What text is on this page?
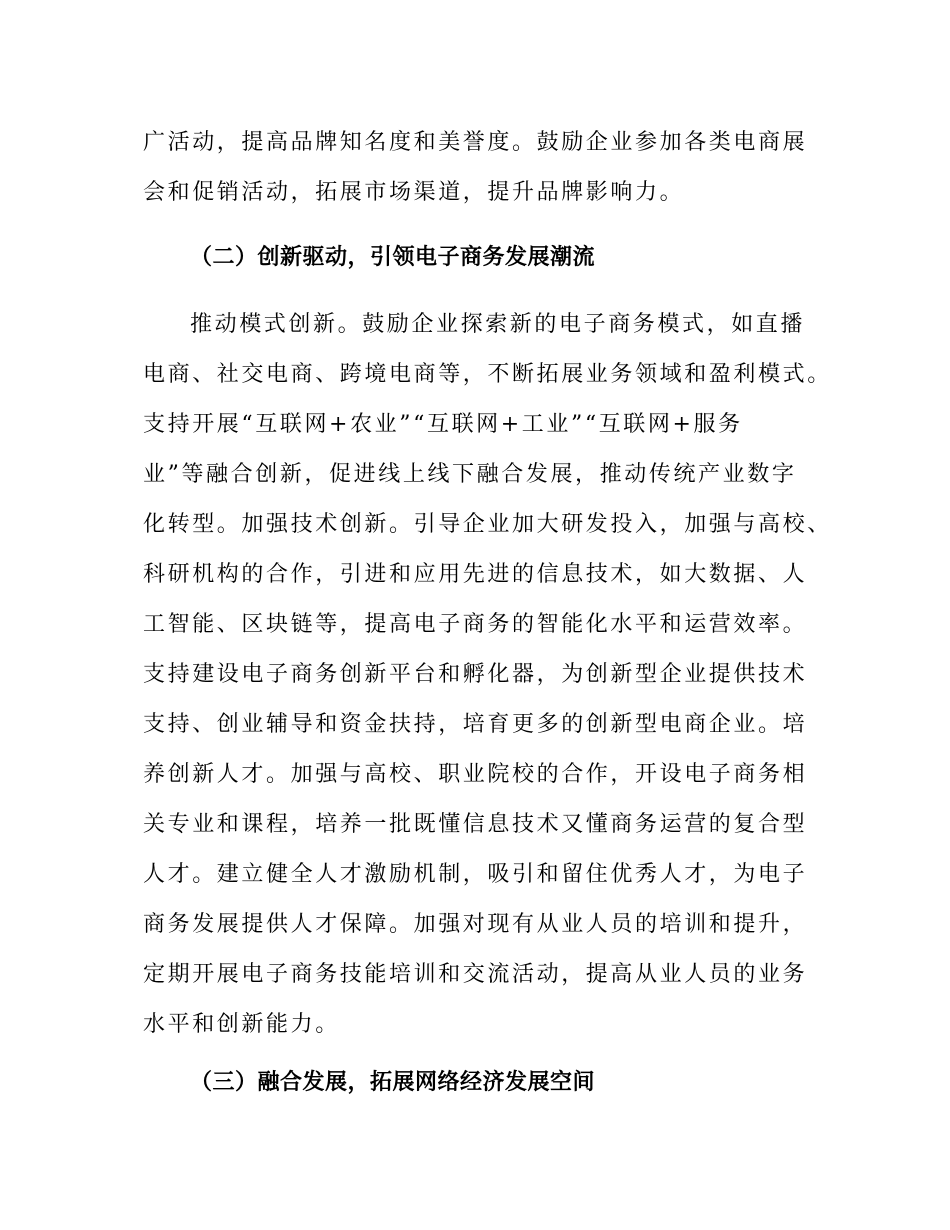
广活动，提高品牌知名度和美誉度。鼓励企业参加各类电商展
会和促销活动，拓展市场渠道，提升品牌影响力。
（二）创新驱动，引领电子商务发展潮流
推动模式创新。鼓励企业探索新的电子商务模式，如直播
电商、社交电商、跨境电商等，不断拓展业务领域和盈利模式。
支持开展“互联网+农业”“互联网+工业”“互联网+服务
业”等融合创新，促进线上线下融合发展，推动传统产业数字
化转型。加强技术创新。引导企业加大研发投入，加强与高校、
科研机构的合作，引进和应用先进的信息技术，如大数据、人
工智能、区块链等，提高电子商务的智能化水平和运营效率。
支持建设电子商务创新平台和孵化器，为创新型企业提供技术
支持、创业辅导和资金扶持，培育更多的创新型电商企业。培
养创新人才。加强与高校、职业院校的合作，开设电子商务相
关专业和课程，培养一批既懂信息技术又懂商务运营的复合型
人才。建立健全人才激励机制，吸引和留住优秀人才，为电子
商务发展提供人才保障。加强对现有从业人员的培训和提升，
定期开展电子商务技能培训和交流活动，提高从业人员的业务
水平和创新能力。
（三）融合发展，拓展网络经济发展空间
